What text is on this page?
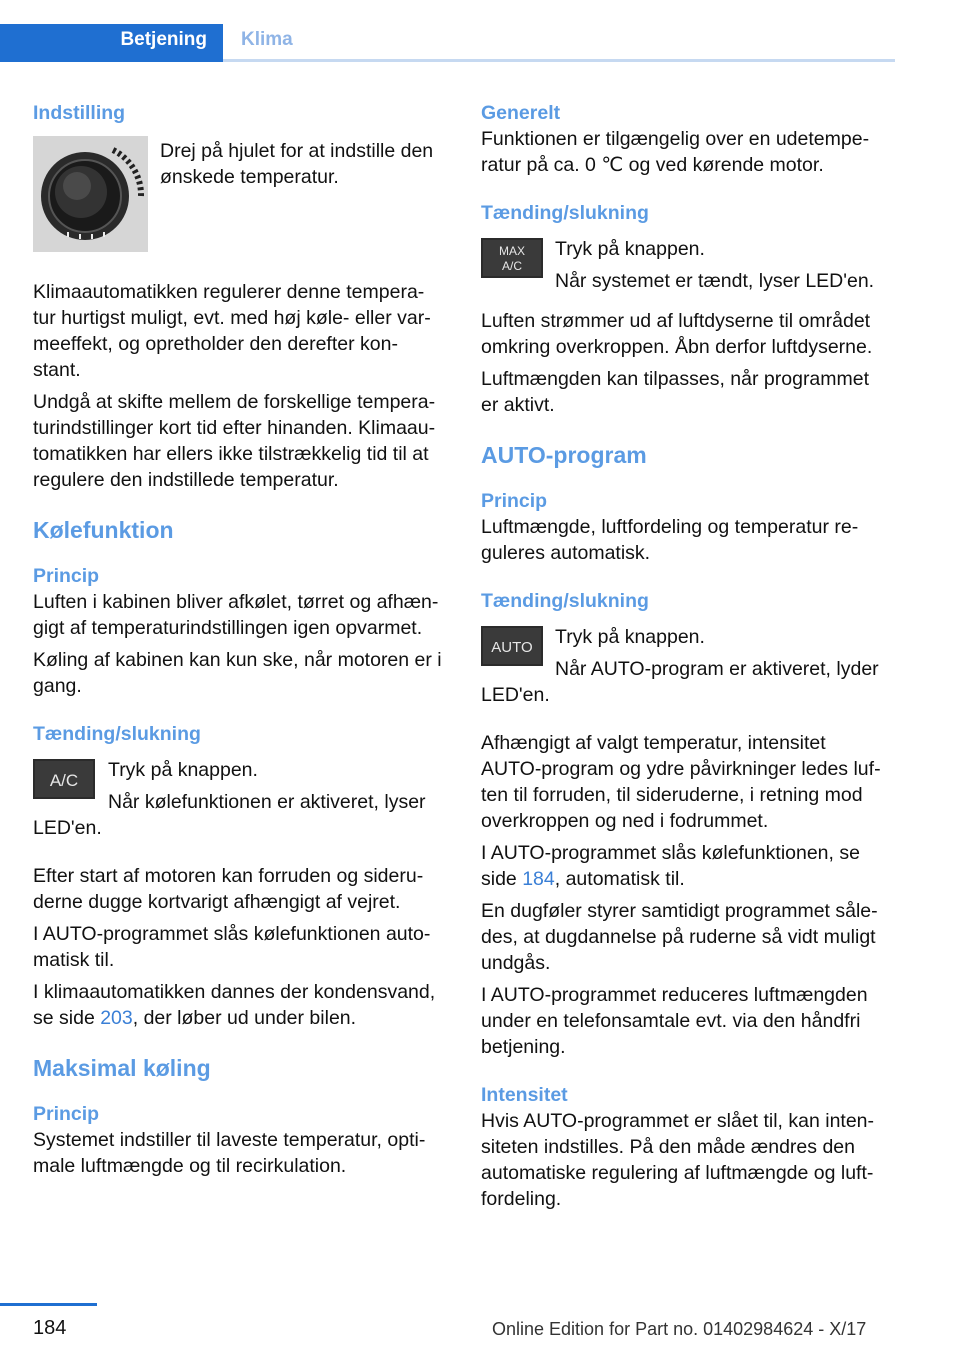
Betjening Klima

Indstilling

Drej på hjulet for at indstille den

ønskede temperatur.

Klimaautomatikken regulerer denne tempera-

tur hurtigst muligt, evt. med høj køle- eller var-

meeffekt, og opretholder den derefter kon-

stant.

Undgå at skifte mellem de forskellige tempera-

turindstillinger kort tid efter hinanden. Klimaau-

tomatikken har ellers ikke tilstrækkelig tid til at

regulere den indstillede temperatur.

Kølefunktion

Princip

Luften i kabinen bliver afkølet, tørret og afhæn-

gigt af temperaturindstillingen igen opvarmet.

Køling af kabinen kan kun ske, når motoren er i

gang.

Tænding/slukning

A/C	Tryk på knappen.

Når kølefunktionen er aktiveret, lyser

LED'en.

Efter start af motoren kan forruden og sideru-

derne dugge kortvarigt afhængigt af vejret.

I AUTO-programmet slås kølefunktionen auto-

matisk til.

I klimaautomatikken dannes der kondensvand,

se side 203, der løber ud under bilen.

Maksimal køling

Princip

Systemet indstiller til laveste temperatur, opti-

male luftmængde og til recirkulation.

Generelt

Funktionen er tilgængelig over en udetempe-

ratur på ca. 0 ℃ og ved kørende motor.

Tænding/slukning

MAX
A/C

Tryk på knappen.

Når systemet er tændt, lyser LED'en.

Luften strømmer ud af luftdyserne til området

omkring overkroppen. Åbn derfor luftdyserne.

Luftmængden kan tilpasses, når programmet

er aktivt.

AUTO-program

Princip

Luftmængde, luftfordeling og temperatur re-

guleres automatisk.

Tænding/slukning

AUTO	Tryk på knappen.

Når AUTO-program er aktiveret, lyder

LED'en.

Afhængigt af valgt temperatur, intensitet

AUTO-program og ydre påvirkninger ledes luf-

ten til forruden, til sideruderne, i retning mod

overkroppen og ned i fodrummet.

I AUTO-programmet slås kølefunktionen, se

side 184, automatisk til.

En dugføler styrer samtidigt programmet såle-

des, at dugdannelse på ruderne så vidt muligt

undgås.

I AUTO-programmet reduceres luftmængden

under en telefonsamtale evt. via den håndfri

betjening.

Intensitet

Hvis AUTO-programmet er slået til, kan inten-

siteten indstilles. På den måde ændres den

automatiske regulering af luftmængde og luft-

fordeling.

184	Online Edition for Part no. 01402984624 - X/17
